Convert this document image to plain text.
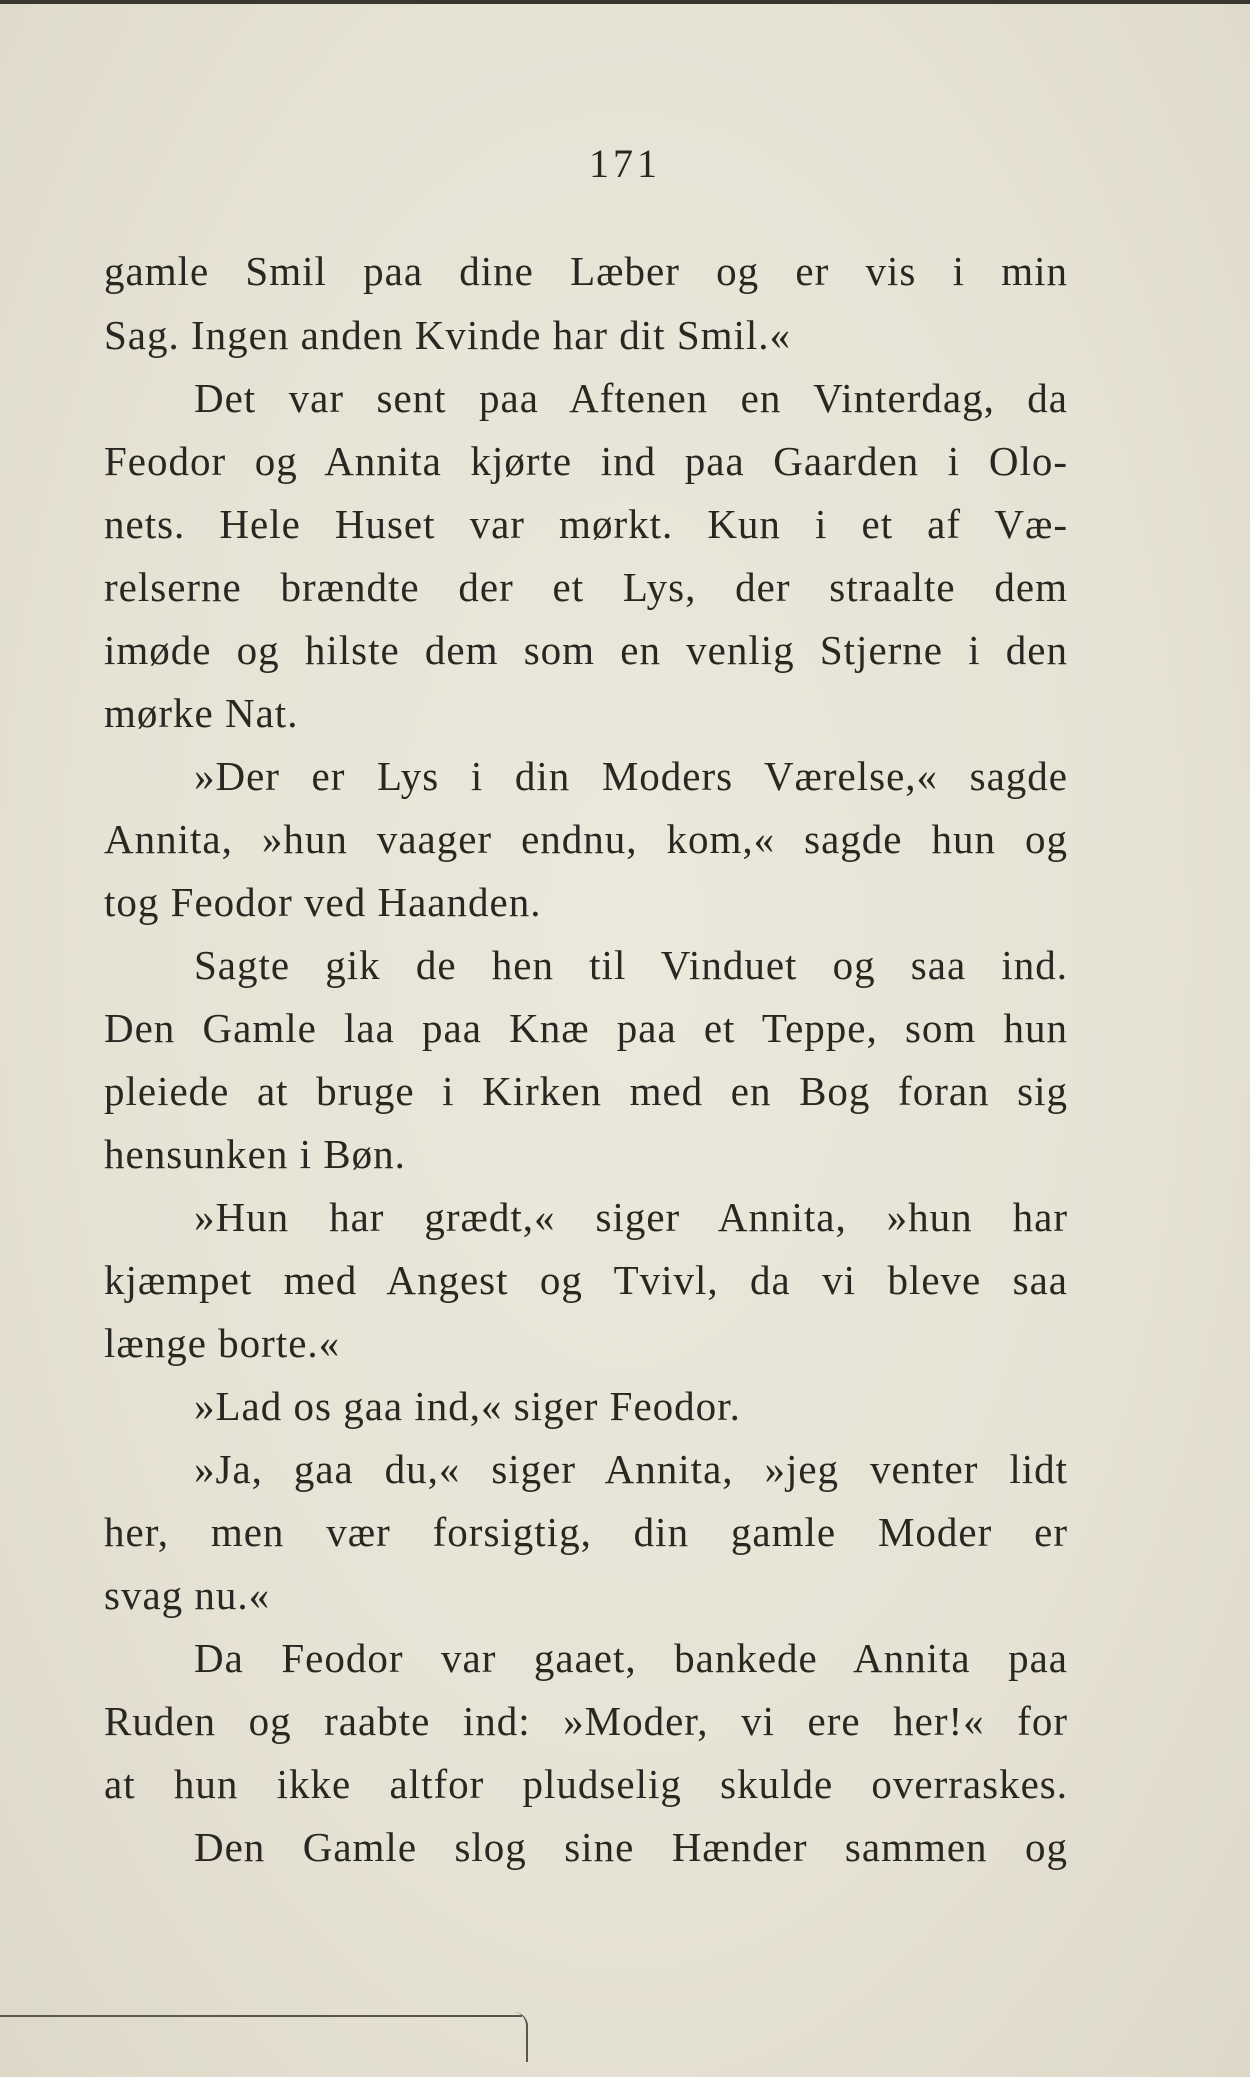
171
gamle Smil paa dine Læber og er vis i min
Sag. Ingen anden Kvinde har dit Smil.«
Det var sent paa Aftenen en Vinterdag, da
Feodor og Annita kjørte ind paa Gaarden i Olo-
nets. Hele Huset var mørkt. Kun i et af Væ-
relserne brændte der et Lys, der straalte dem
imøde og hilste dem som en venlig Stjerne i den
mørke Nat.
»Der er Lys i din Moders Værelse,« sagde
Annita, »hun vaager endnu, kom,« sagde hun og
tog Feodor ved Haanden.
Sagte gik de hen til Vinduet og saa ind.
Den Gamle laa paa Knæ paa et Teppe, som hun
pleiede at bruge i Kirken med en Bog foran sig
hensunken i Bøn.
»Hun har grædt,« siger Annita, »hun har
kjæmpet med Angest og Tvivl, da vi bleve saa
længe borte.«
»Lad os gaa ind,« siger Feodor.
»Ja, gaa du,« siger Annita, »jeg venter lidt
her, men vær forsigtig, din gamle Moder er
svag nu.«
Da Feodor var gaaet, bankede Annita paa
Ruden og raabte ind: »Moder, vi ere her!« for
at hun ikke altfor pludselig skulde overraskes.
Den Gamle slog sine Hænder sammen og
